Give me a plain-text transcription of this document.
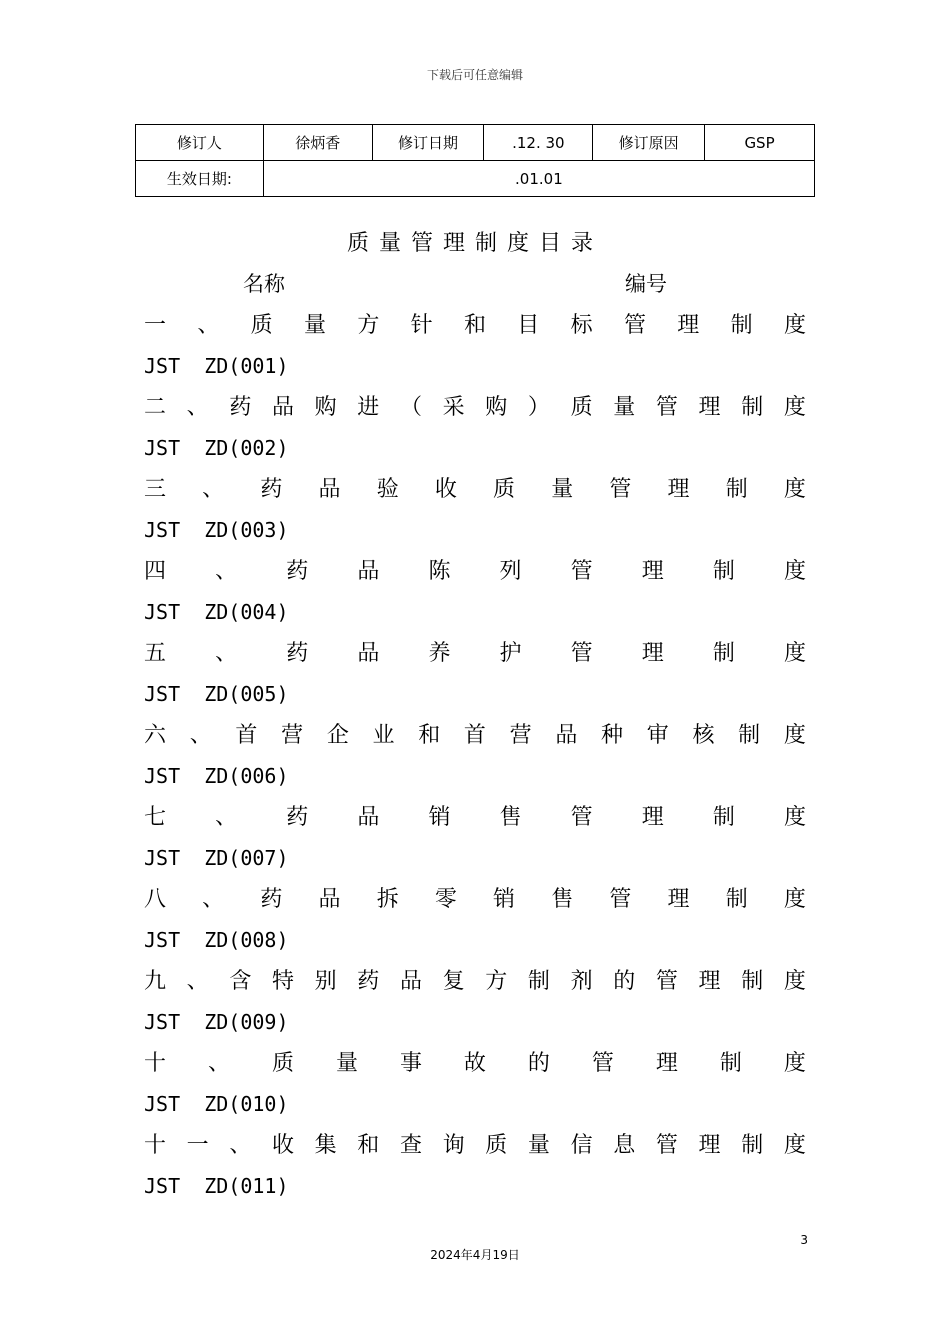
下载后可任意编辑
修订人	徐炳香	修订日期	.12. 30	修订原因	GSP
生效日期:	.01.01				
质量管理制度目录
名称	编号
一 、 质 量 方 针 和 目 标 管 理 制 度
JST  ZD(001)
二 、 药 品 购 进 （ 采 购 ） 质 量 管 理 制 度
JST  ZD(002)
三 、 药 品 验 收 质 量 管 理 制 度
JST  ZD(003)
四 、 药 品 陈 列 管 理 制 度
JST  ZD(004)
五 、 药 品 养 护 管 理 制 度
JST  ZD(005)
六 、 首 营 企 业 和 首 营 品 种 审 核 制 度
JST  ZD(006)
七 、 药 品 销 售 管 理 制 度
JST  ZD(007)
八 、 药 品 拆 零 销 售 管 理 制 度
JST  ZD(008)
九 、 含 特 别 药 品 复 方 制 剂 的 管 理 制 度
JST  ZD(009)
十 、 质 量 事 故 的 管 理 制 度
JST  ZD(010)
十 一 、 收 集 和 查 询 质 量 信 息 管 理 制 度
JST  ZD(011)
3
2024年4月19日
